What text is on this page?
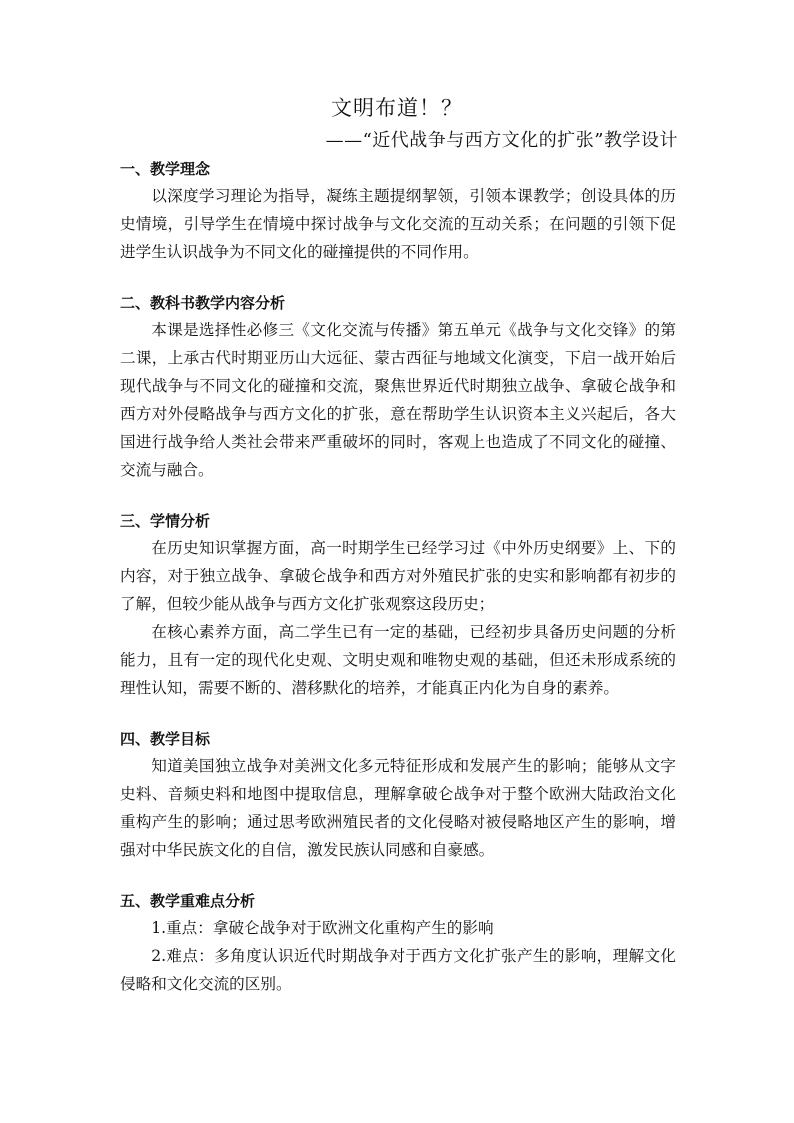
文明布道！？
——“近代战争与西方文化的扩张”教学设计
一、教学理念

以深度学习理论为指导，凝练主题提纲挈领，引领本课教学；创设具体的历史情境，引导学生在情境中探讨战争与文化交流的互动关系；在问题的引领下促进学生认识战争为不同文化的碰撞提供的不同作用。

二、教科书教学内容分析

本课是选择性必修三《文化交流与传播》第五单元《战争与文化交锋》的第二课，上承古代时期亚历山大远征、蒙古西征与地域文化演变，下启一战开始后现代战争与不同文化的碰撞和交流，聚焦世界近代时期独立战争、拿破仑战争和西方对外侵略战争与西方文化的扩张，意在帮助学生认识资本主义兴起后，各大国进行战争给人类社会带来严重破坏的同时，客观上也造成了不同文化的碰撞、交流与融合。

三、学情分析

在历史知识掌握方面，高一时期学生已经学习过《中外历史纲要》上、下的内容，对于独立战争、拿破仑战争和西方对外殖民扩张的史实和影响都有初步的了解，但较少能从战争与西方文化扩张观察这段历史；

在核心素养方面，高二学生已有一定的基础，已经初步具备历史问题的分析能力，且有一定的现代化史观、文明史观和唯物史观的基础，但还未形成系统的理性认知，需要不断的、潜移默化的培养，才能真正内化为自身的素养。

四、教学目标

知道美国独立战争对美洲文化多元特征形成和发展产生的影响；能够从文字史料、音频史料和地图中提取信息，理解拿破仑战争对于整个欧洲大陆政治文化重构产生的影响；通过思考欧洲殖民者的文化侵略对被侵略地区产生的影响，增强对中华民族文化的自信，激发民族认同感和自豪感。

五、教学重难点分析

1.重点：拿破仑战争对于欧洲文化重构产生的影响

2.难点：多角度认识近代时期战争对于西方文化扩张产生的影响，理解文化侵略和文化交流的区别。
